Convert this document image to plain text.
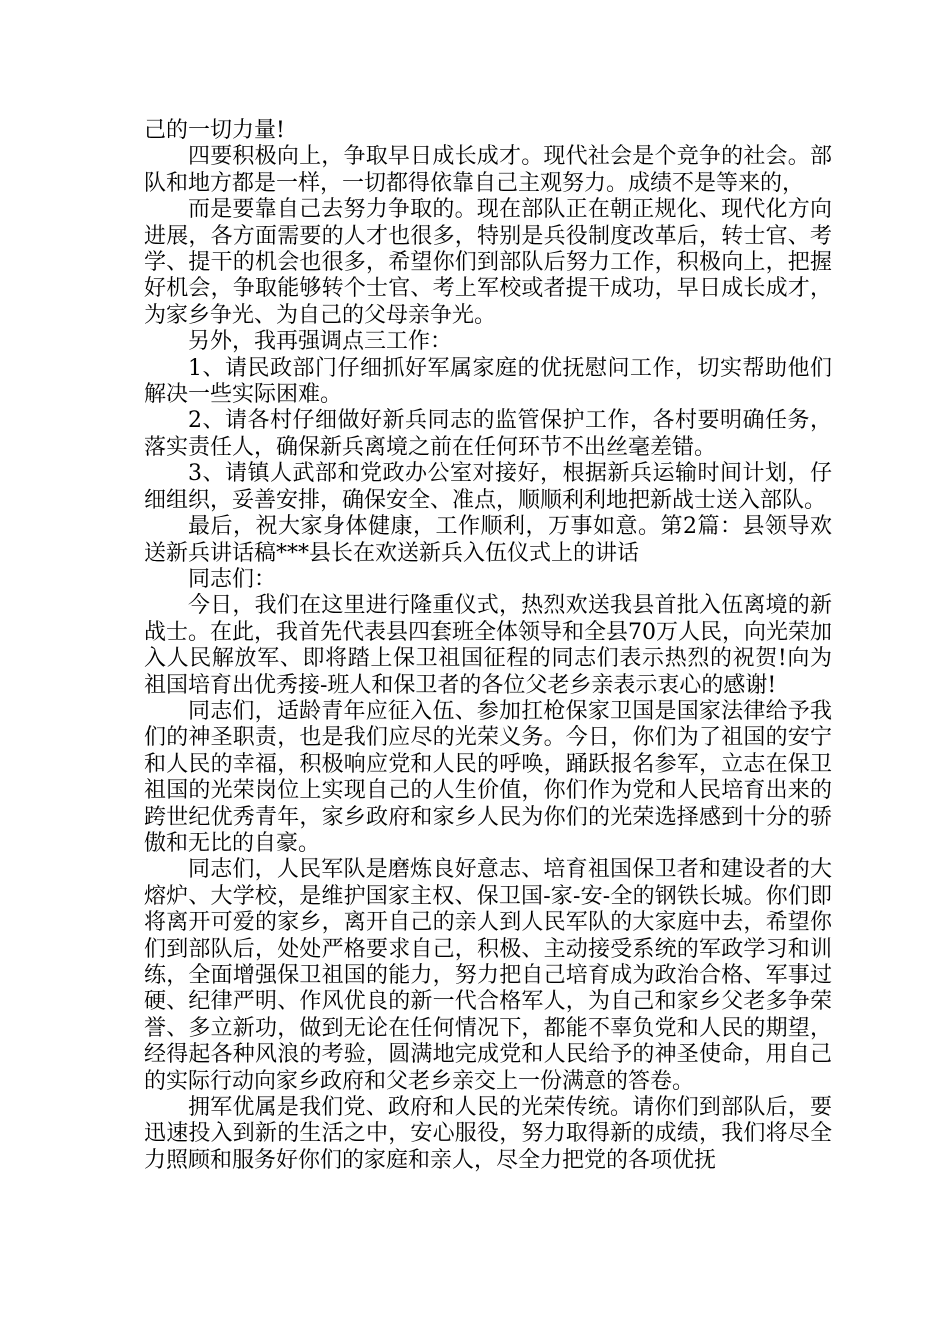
己的一切力量!

四要积极向上，争取早日成长成才。现代社会是个竞争的社会。部队和地方都是一样，一切都得依靠自己主观努力。成绩不是等来的，

而是要靠自己去努力争取的。现在部队正在朝正规化、现代化方向进展，各方面需要的人才也很多，特别是兵役制度改革后，转士官、考学、提干的机会也很多，希望你们到部队后努力工作，积极向上，把握好机会，争取能够转个士官、考上军校或者提干成功，早日成长成才，为家乡争光、为自己的父母亲争光。

另外，我再强调点三工作：

1、请民政部门仔细抓好军属家庭的优抚慰问工作，切实帮助他们解决一些实际困难。

2、请各村仔细做好新兵同志的监管保护工作，各村要明确任务，落实责任人，确保新兵离境之前在任何环节不出丝毫差错。

3、请镇人武部和党政办公室对接好，根据新兵运输时间计划，仔细组织，妥善安排，确保安全、准点，顺顺利利地把新战士送入部队。

最后，祝大家身体健康，工作顺利，万事如意。第2篇：县领导欢送新兵讲话稿***县长在欢送新兵入伍仪式上的讲话

同志们：

今日，我们在这里进行隆重仪式，热烈欢送我县首批入伍离境的新战士。在此，我首先代表县四套班全体领导和全县70万人民，向光荣加入人民解放军、即将踏上保卫祖国征程的同志们表示热烈的祝贺!向为祖国培育出优秀接-班人和保卫者的各位父老乡亲表示衷心的感谢!

同志们，适龄青年应征入伍、参加扛枪保家卫国是国家法律给予我们的神圣职责，也是我们应尽的光荣义务。今日，你们为了祖国的安宁和人民的幸福，积极响应党和人民的呼唤，踊跃报名参军，立志在保卫祖国的光荣岗位上实现自己的人生价值，你们作为党和人民培育出来的跨世纪优秀青年，家乡政府和家乡人民为你们的光荣选择感到十分的骄傲和无比的自豪。

同志们，人民军队是磨炼良好意志、培育祖国保卫者和建设者的大熔炉、大学校，是维护国家主权、保卫国-家-安-全的钢铁长城。你们即将离开可爱的家乡，离开自己的亲人到人民军队的大家庭中去，希望你们到部队后，处处严格要求自己，积极、主动接受系统的军政学习和训练，全面增强保卫祖国的能力，努力把自己培育成为政治合格、军事过硬、纪律严明、作风优良的新一代合格军人，为自己和家乡父老多争荣誉、多立新功，做到无论在任何情况下，都能不辜负党和人民的期望，经得起各种风浪的考验，圆满地完成党和人民给予的神圣使命，用自己的实际行动向家乡政府和父老乡亲交上一份满意的答卷。

拥军优属是我们党、政府和人民的光荣传统。请你们到部队后，要迅速投入到新的生活之中，安心服役，努力取得新的成绩，我们将尽全力照顾和服务好你们的家庭和亲人，尽全力把党的各项优抚
